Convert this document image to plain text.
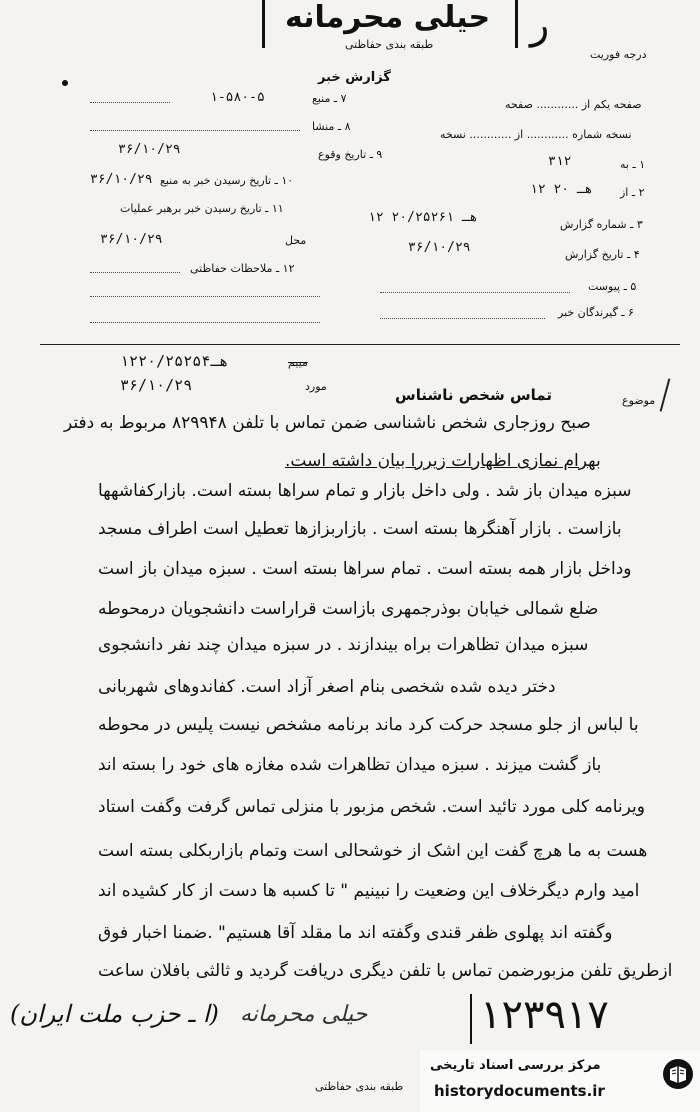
حیلی محرمانه
طبقه بندی حفاظتی ر
درجه فوریت
گزارش خبر
۱-۵۸۰-۵	۷ ـ منبع
۸ ـ منشا
۳۶/۱۰/۲۹	۹ ـ تاریخ وقوع
۳۶/۱۰/۲۹ ۱۰ ـ تاریخ رسیدن خبر به منبع
۱۱ ـ تاریخ رسیدن خبر برهبر عملیات
۳۶/۱۰/۲۹	محل
۱۲ ـ ملاحظات حفاظتی
صفحه یکم از ............ صفحه
نسخه شماره ............ از ............ نسخه
۳۱۲	۱ ـ به
۱۲ هـ ۲۰ ۲ ـ از
۱۲ هـ ۲۰/۲۵۲۶۱	۳ ـ شماره گزارش
۳۶/۱۰/۲۹	۴ ـ تاریخ گزارش
۵ ـ پیوست
۶ ـ گیرندگان خبر
۱۲هـ۲۰/۲۵۲۵۴	مییم
۳۶/۱۰/۲۹	مورد	تماس شخص ناشناس	موضوع
صبح روزجاری شخص ناشناسی ضمن تماس با تلفن ۸۲۹۹۴۸ مربوط به دفتر
بهرام نمازی اظهارات زیررا بیان داشته است.
سبزه میدان باز شد . ولی داخل بازار و تمام سراها بسته است. بازارکفاشهها
بازاست . بازار آهنگرها بسته است . بازاربزازها تعطیل است اطراف مسجد
وداخل بازار همه بسته است . تمام سراها بسته است . سبزه میدان باز است
ضلع شمالی خیابان بوذرجمهری بازاست قراراست دانشجویان درمحوطه
سبزه میدان تظاهرات براه بیندازند . در سبزه میدان چند نفر دانشجوی
دختر دیده شده شخصی بنام اصغر آزاد است. کفاندوهای شهربانی
با لباس از جلو مسجد حرکت کرد ماند برنامه مشخص نیست پلیس در محوطه
باز گشت میزند . سبزه میدان تظاهرات شده مغازه های خود را بسته اند
ویرنامه کلی مورد تائید است. شخص مزبور با منزلی تماس گرفت وگفت استاد
هست به ما هرچ گفت این اشک از خوشحالی است وتمام بازاربکلی بسته است
امید وارم دیگرخلاف این وضعیت را نبینیم " تا کسبه ها دست از کار کشیده اند
وگفته اند پهلوی ظفر قندی وگفته اند ما مقلد آقا هستیم" .ضمنا اخبار فوق
ازطریق تلفن مزبورضمن تماس با تلفن دیگری دریافت گردید و ثالثی بافلان ساعت
(ا ـ حزب ملت ایران) حیلی محرمانه	۱۲۳۹۱۷
طبقه بندی حفاظتی
مرکز بررسی اسناد تاریخی
historydocuments.ir
